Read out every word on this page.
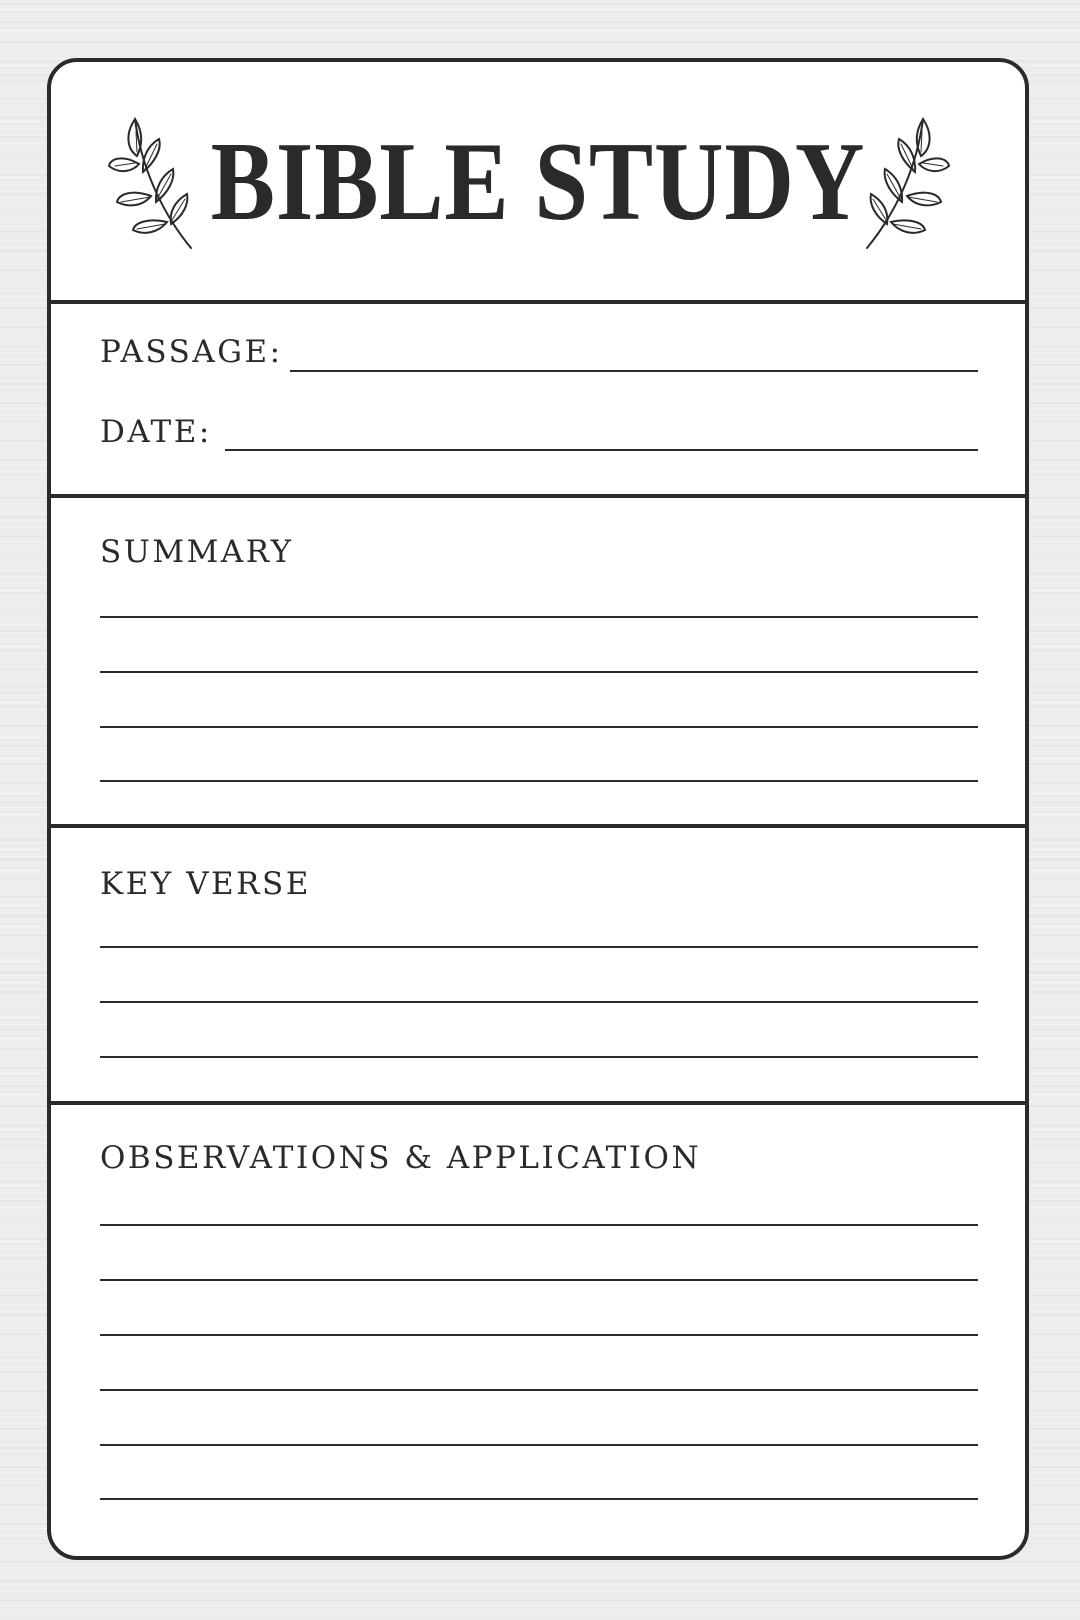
BIBLE STUDY
PASSAGE:
DATE:
SUMMARY
KEY VERSE
OBSERVATIONS & APPLICATION
